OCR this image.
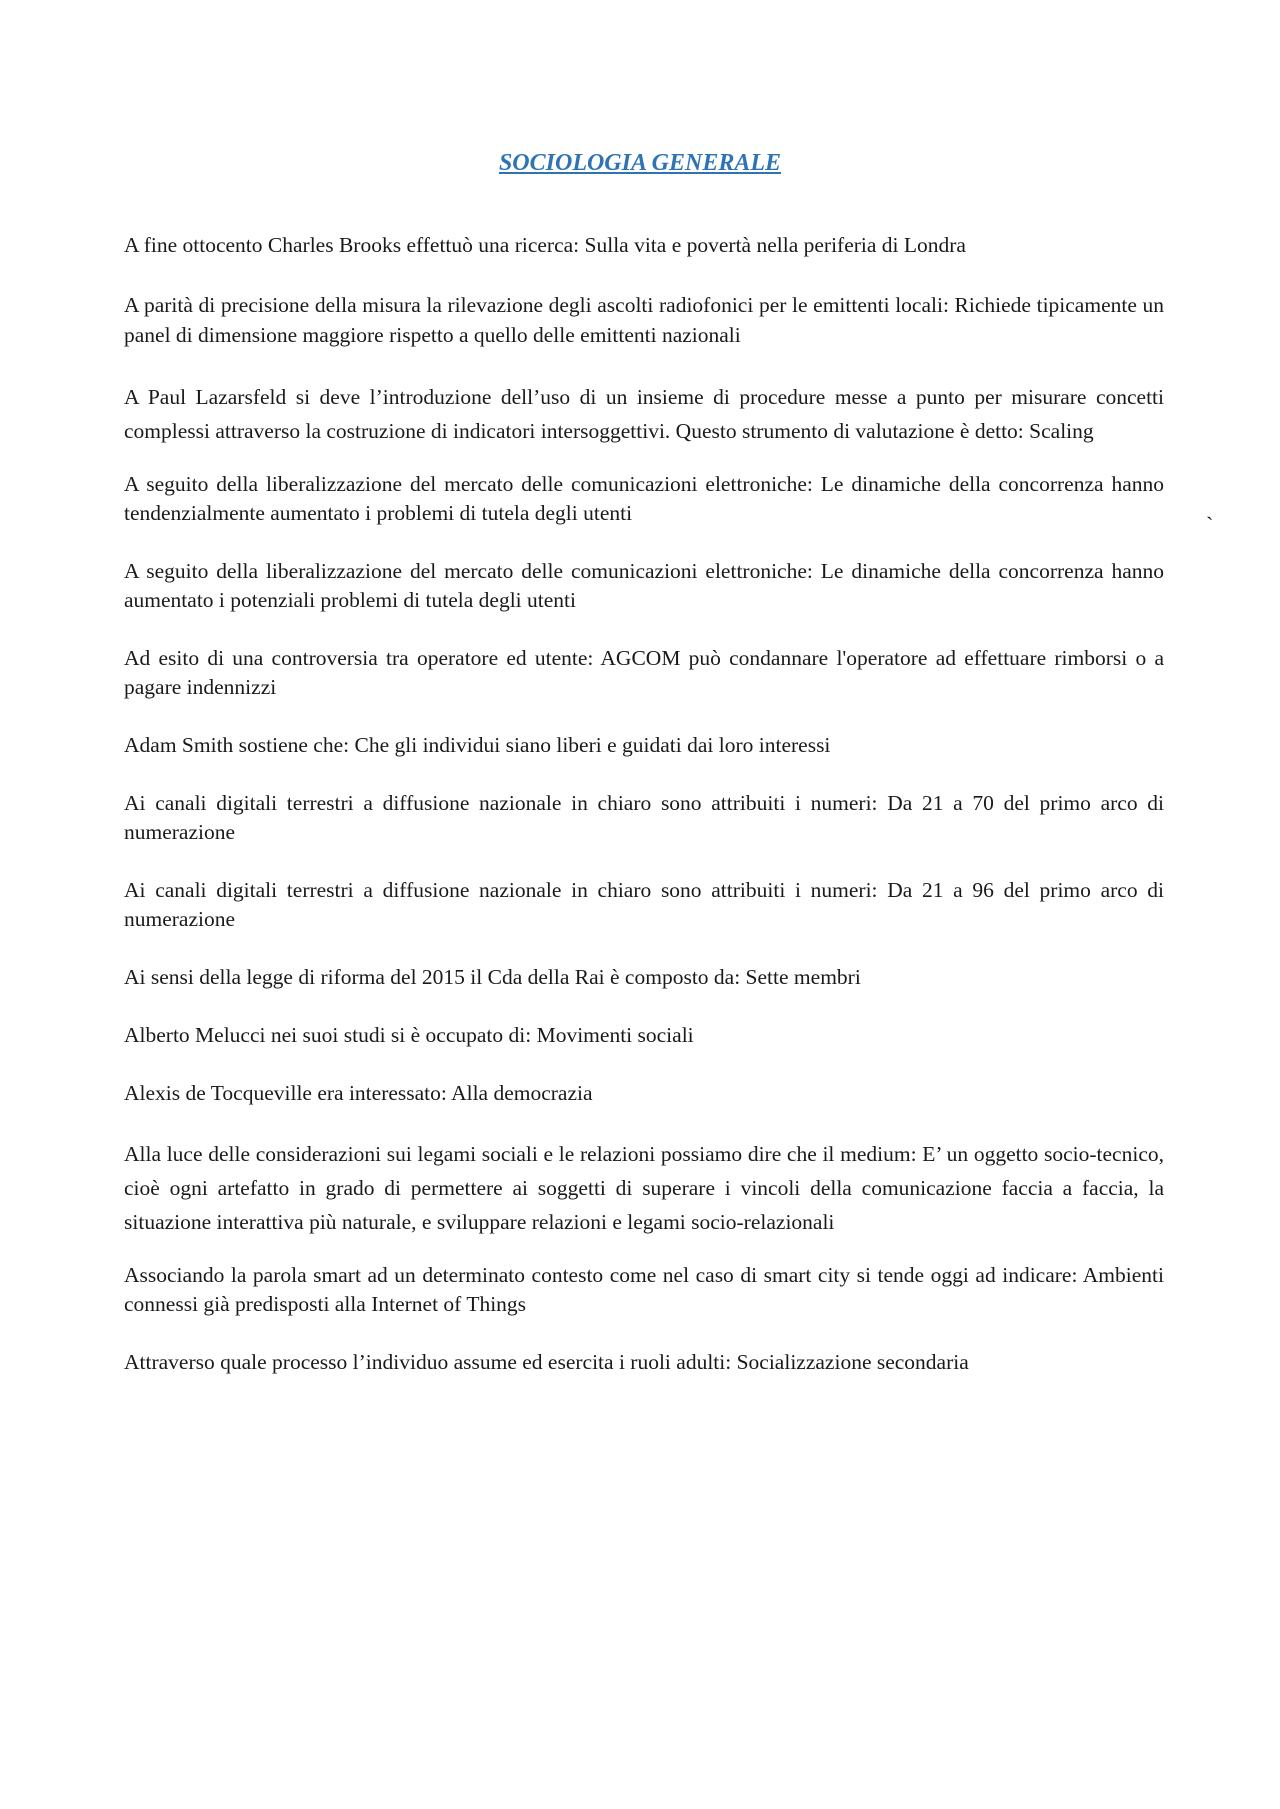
SOCIOLOGIA GENERALE
`

A fine ottocento Charles Brooks effettuò una ricerca: Sulla vita e povertà nella periferia di Londra

A parità di precisione della misura la rilevazione degli ascolti radiofonici per le emittenti locali: Richiede tipicamente un panel di dimensione maggiore rispetto a quello delle emittenti nazionali

A Paul Lazarsfeld si deve l’introduzione dell’uso di un insieme di procedure messe a punto per misurare concetti complessi attraverso la costruzione di indicatori intersoggettivi. Questo strumento di valutazione è detto: Scaling

A seguito della liberalizzazione del mercato delle comunicazioni elettroniche: Le dinamiche della concorrenza hanno tendenzialmente aumentato i problemi di tutela degli utenti

A seguito della liberalizzazione del mercato delle comunicazioni elettroniche: Le dinamiche della concorrenza hanno aumentato i potenziali problemi di tutela degli utenti

Ad esito di una controversia tra operatore ed utente: AGCOM può condannare l'operatore ad effettuare rimborsi o a pagare indennizzi

Adam Smith sostiene che: Che gli individui siano liberi e guidati dai loro interessi

Ai canali digitali terrestri a diffusione nazionale in chiaro sono attribuiti i numeri: Da 21 a 70 del primo arco di numerazione

Ai canali digitali terrestri a diffusione nazionale in chiaro sono attribuiti i numeri: Da 21 a 96 del primo arco di numerazione

Ai sensi della legge di riforma del 2015 il Cda della Rai è composto da: Sette membri

Alberto Melucci nei suoi studi si è occupato di: Movimenti sociali

Alexis de Tocqueville era interessato: Alla democrazia

Alla luce delle considerazioni sui legami sociali e le relazioni possiamo dire che il medium: E’ un oggetto socio-tecnico, cioè ogni artefatto in grado di permettere ai soggetti di superare i vincoli della comunicazione faccia a faccia, la situazione interattiva più naturale, e sviluppare relazioni e legami socio-relazionali

Associando la parola smart ad un determinato contesto come nel caso di smart city si tende oggi ad indicare: Ambienti connessi già predisposti alla Internet of Things

Attraverso quale processo l’individuo assume ed esercita i ruoli adulti: Socializzazione secondaria
